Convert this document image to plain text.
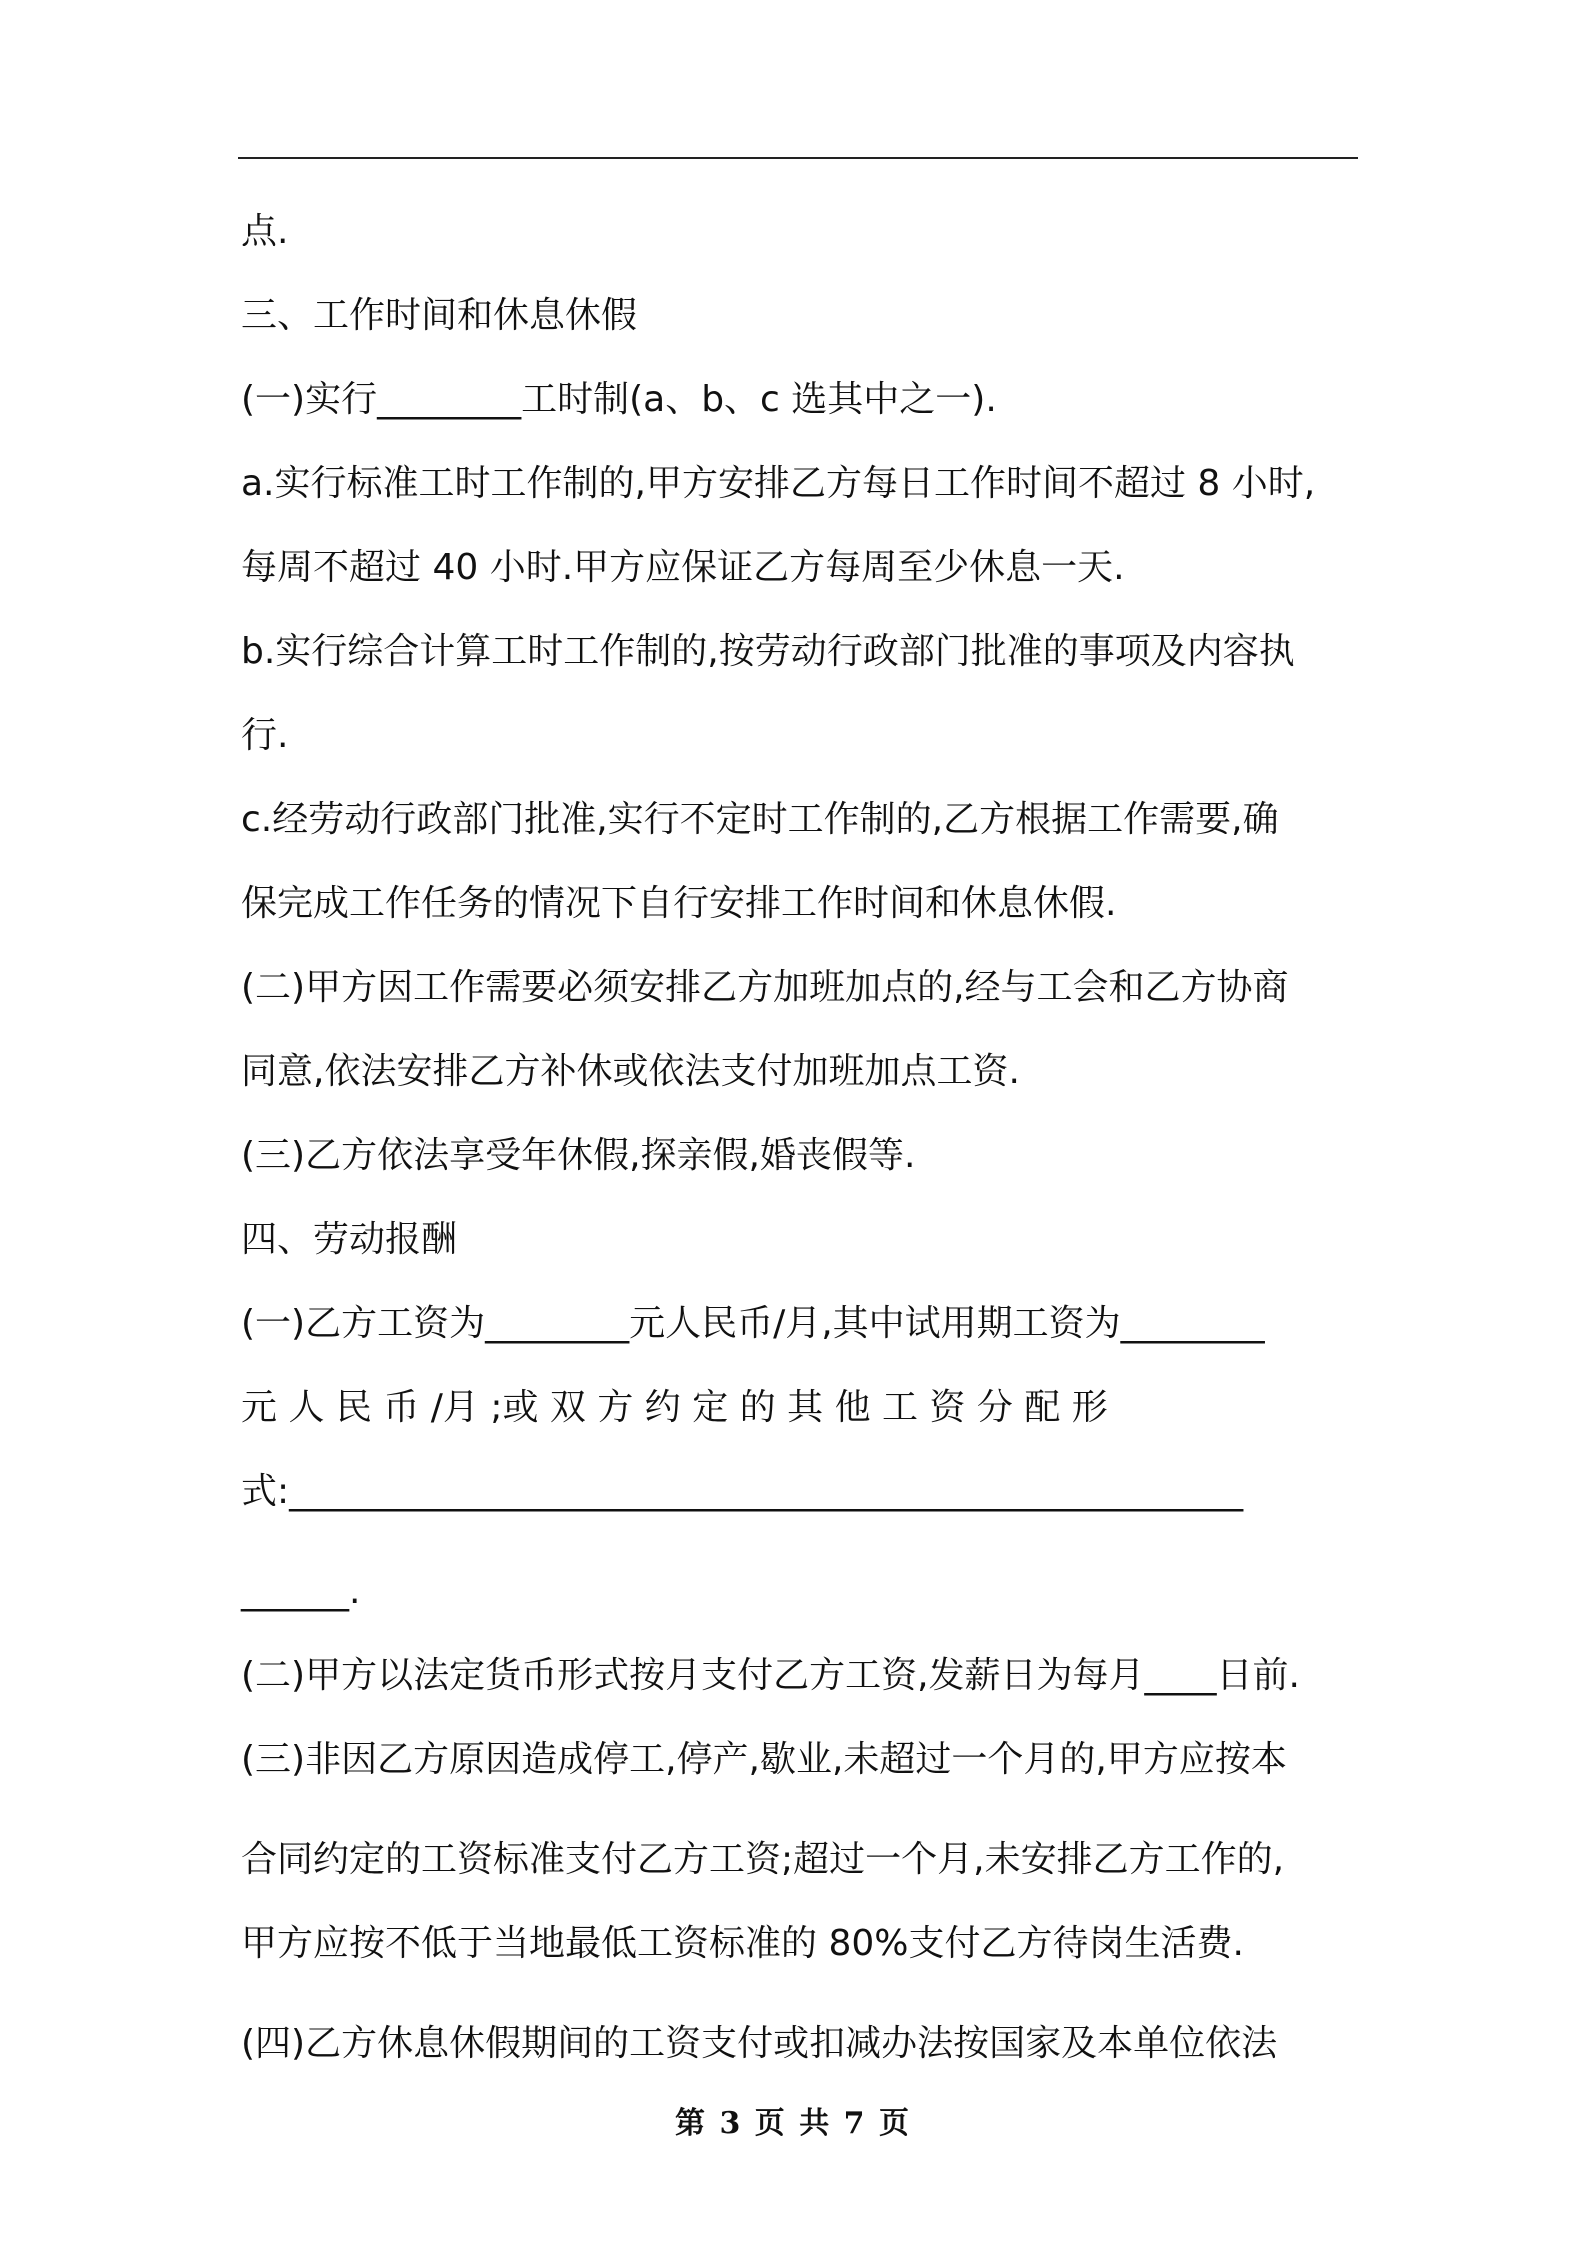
点.
三、工作时间和休息休假
(一)实行________工时制(a、b、c 选其中之一).
a.实行标准工时工作制的,甲方安排乙方每日工作时间不超过 8 小时,
每周不超过 40 小时.甲方应保证乙方每周至少休息一天.
b.实行综合计算工时工作制的,按劳动行政部门批准的事项及内容执
行.
c.经劳动行政部门批准,实行不定时工作制的,乙方根据工作需要,确
保完成工作任务的情况下自行安排工作时间和休息休假.
(二)甲方因工作需要必须安排乙方加班加点的,经与工会和乙方协商
同意,依法安排乙方补休或依法支付加班加点工资.
(三)乙方依法享受年休假,探亲假,婚丧假等.
四、劳动报酬
(一)乙方工资为________元人民币/月,其中试用期工资为________
元 人 民 币 /月 ;或 双 方 约 定 的 其 他 工 资 分 配 形
式:_____________________________________________________
______.
(二)甲方以法定货币形式按月支付乙方工资,发薪日为每月____日前.
(三)非因乙方原因造成停工,停产,歇业,未超过一个月的,甲方应按本
合同约定的工资标准支付乙方工资;超过一个月,未安排乙方工作的,
甲方应按不低于当地最低工资标准的 80%支付乙方待岗生活费.
(四)乙方休息休假期间的工资支付或扣减办法按国家及本单位依法
第 3 页 共 7 页
